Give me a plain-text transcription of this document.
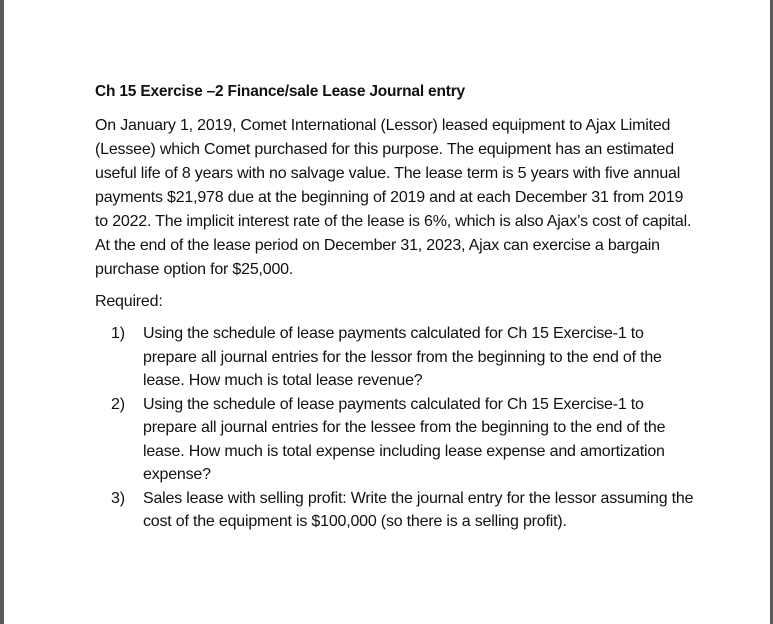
Ch 15 Exercise –2 Finance/sale Lease Journal entry

On January 1, 2019, Comet International (Lessor) leased equipment to Ajax Limited (Lessee) which Comet purchased for this purpose. The equipment has an estimated useful life of 8 years with no salvage value. The lease term is 5 years with five annual payments $21,978 due at the beginning of 2019 and at each December 31 from 2019 to 2022. The implicit interest rate of the lease is 6%, which is also Ajax’s cost of capital. At the end of the lease period on December 31, 2023, Ajax can exercise a bargain purchase option for $25,000.

Required:
1) Using the schedule of lease payments calculated for Ch 15 Exercise-1 to prepare all journal entries for the lessor from the beginning to the end of the lease. How much is total lease revenue?
2) Using the schedule of lease payments calculated for Ch 15 Exercise-1 to prepare all journal entries for the lessee from the beginning to the end of the lease. How much is total expense including lease expense and amortization expense?
3) Sales lease with selling profit: Write the journal entry for the lessor assuming the cost of the equipment is $100,000 (so there is a selling profit).
